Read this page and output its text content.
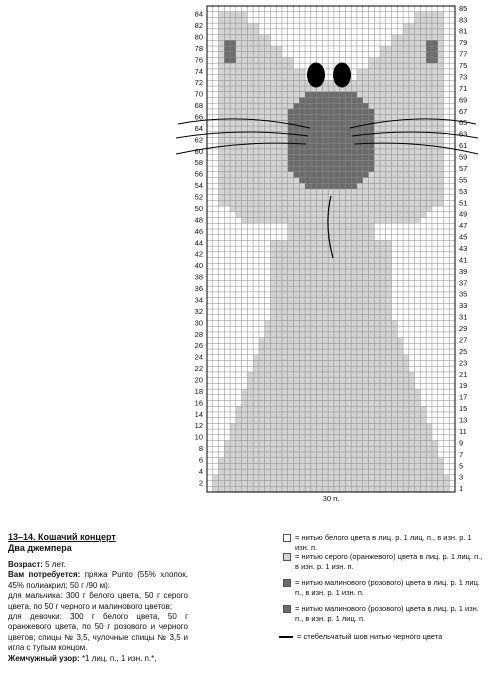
84
82
80
78
76
74
72
70
68
66
64
62
60
58
56
54
52
50
48
46
44
42
40
38
36
34
32
30
28
26
24
22
20
18
16
14
12
10
8
6
4
2
85
83
81
79
77
75
73
71
69
67
65
63
61
59
57
55
53
51
49
47
45
43
41
39
37
35
33
31
29
27
25
23
21
19
17
15
13
11
9
7
5
3
1
30 п.
13–14. Кошачий концерт
Два джемпера

Возраст: 5 лет.

Вам потребуется: пряжа Punto (55% хлопок, 45% полиакрил; 50 г /90 м):

для мальчика: 300 г белого цвета, 50 г серого цвета, по 50 г черного и малинового цветов;

для девочки: 300 г белого цвета, 50 г оранжевого цвета, по 50 г розового и черного цветов; спицы № 3,5, чулочные спицы № 3,5 и игла с тупым концом.

Жемчужный узор: *1 лиц. п., 1 изн. п.*,

= нитью белого цвета в лиц. р. 1 лиц. п., в изн. р. 1 изн. п.
= нитью серого (оранжевого) цвета в лиц. р. 1 лиц. п., в изн. р. 1 изн. п.
= нитью малинового (розового) цвета в лиц. р. 1 лиц. п., в изн. р. 1 изн. п.
= нитью малинового (розового) цвета в лиц. р. 1 изн. п., в изн. р. 1 лиц. п.
= стебельчатый шов нитью черного цвета
